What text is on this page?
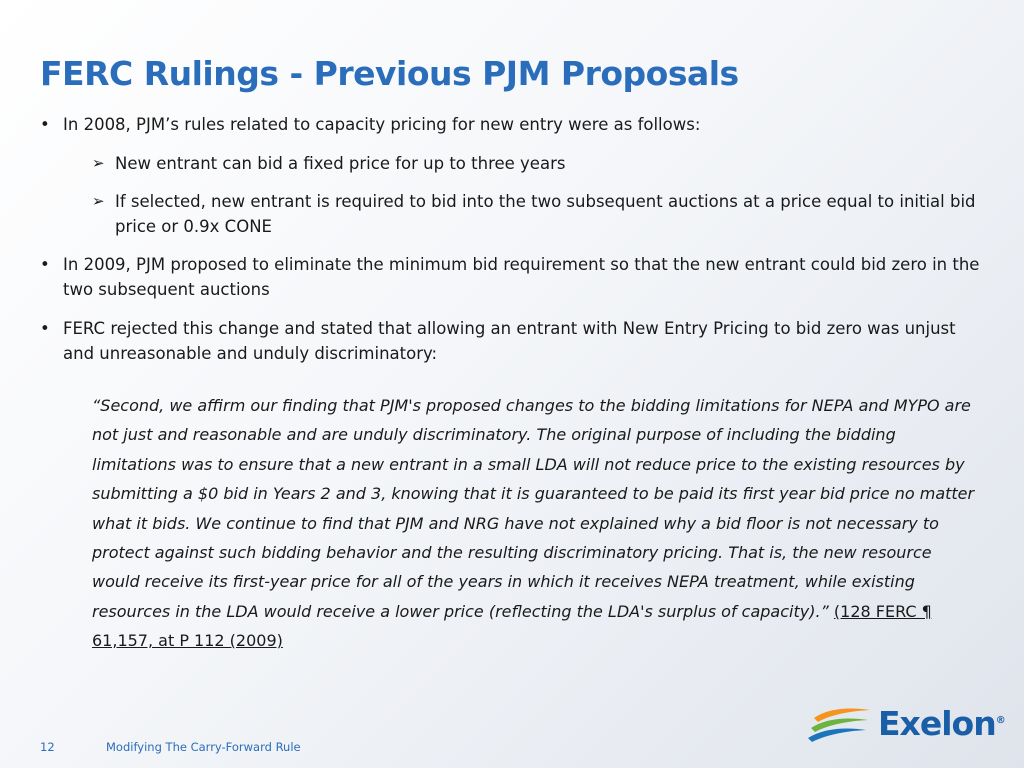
FERC Rulings - Previous PJM Proposals
• In 2008, PJM’s rules related to capacity pricing for new entry were as follows:
➢ New entrant can bid a fixed price for up to three years
➢ If selected, new entrant is required to bid into the two subsequent auctions at a price equal to initial bid price or 0.9x CONE
• In 2009, PJM proposed to eliminate the minimum bid requirement so that the new entrant could bid zero in the two subsequent auctions
• FERC rejected this change and stated that allowing an entrant with New Entry Pricing to bid zero was unjust and unreasonable and unduly discriminatory:
“Second, we affirm our finding that PJM's proposed changes to the bidding limitations for NEPA and MYPO are not just and reasonable and are unduly discriminatory. The original purpose of including the bidding limitations was to ensure that a new entrant in a small LDA will not reduce price to the existing resources by submitting a $0 bid in Years 2 and 3, knowing that it is guaranteed to be paid its first year bid price no matter what it bids. We continue to find that PJM and NRG have not explained why a bid floor is not necessary to protect against such bidding behavior and the resulting discriminatory pricing. That is, the new resource would receive its first-year price for all of the years in which it receives NEPA treatment, while existing resources in the LDA would receive a lower price (reflecting the LDA's surplus of capacity).” (128 FERC ¶ 61,157, at P 112 (2009)
12	Modifying The Carry-Forward Rule
Exelon®
